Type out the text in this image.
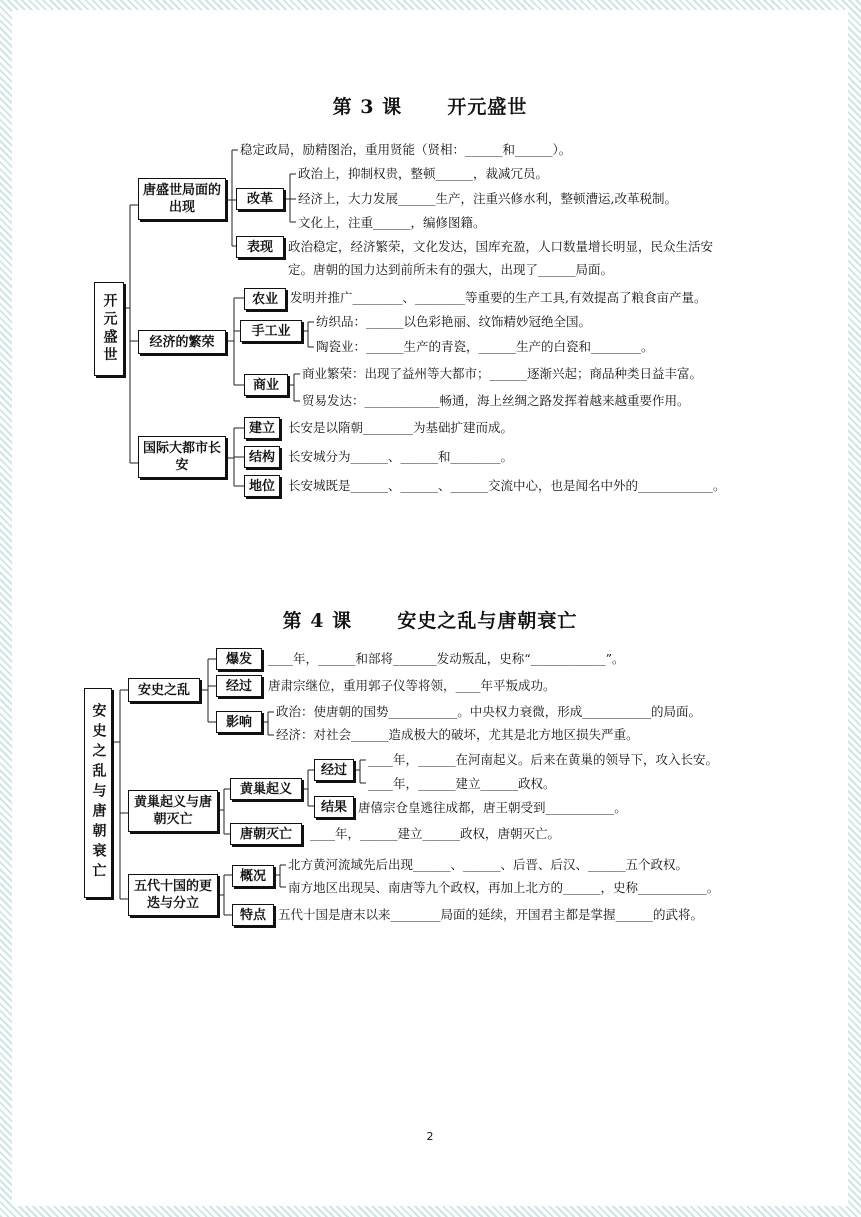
第 3 课 开元盛世
开元盛世
唐盛世局面的出现
改革
表现
经济的繁荣
农业
手工业
商业
国际大都市长安
建立
结构
地位
稳定政局，励精图治，重用贤能（贤相：______和______）。
政治上，抑制权贵，整顿______，裁减冗员。
经济上，大力发展______生产，注重兴修水利，整顿漕运,改革税制。
文化上，注重______，编修图籍。
政治稳定，经济繁荣，文化发达，国库充盈，人口数量增长明显，民众生活安
定。唐朝的国力达到前所未有的强大，出现了______局面。
发明并推广________、________等重要的生产工具,有效提高了粮食亩产量。
纺织品：______以色彩艳丽、纹饰精妙冠绝全国。
陶瓷业：______生产的青瓷，______生产的白瓷和________。
商业繁荣：出现了益州等大都市；______逐渐兴起；商品种类日益丰富。
贸易发达：____________畅通，海上丝绸之路发挥着越来越重要作用。
长安是以隋朝________为基础扩建而成。
长安城分为______、______和________。
长安城既是______、______、______交流中心，也是闻名中外的____________。
第 4 课 安史之乱与唐朝衰亡
安史之乱与唐朝衰亡
安史之乱
爆发
经过
影响
黄巢起义与唐朝灭亡
黄巢起义
经过
结果
唐朝灭亡
五代十国的更迭与分立
概况
特点
____年，______和部将_______发动叛乱，史称“____________”。
唐肃宗继位，重用郭子仪等将领，____年平叛成功。
政治：使唐朝的国势___________。中央权力衰微，形成___________的局面。
经济：对社会______造成极大的破坏，尤其是北方地区损失严重。
____年，______在河南起义。后来在黄巢的领导下，攻入长安。
____年，______建立______政权。
唐僖宗仓皇逃往成都，唐王朝受到___________。
____年，______建立______政权，唐朝灭亡。
北方黄河流域先后出现______、______、后晋、后汉、______五个政权。
南方地区出现吴、南唐等九个政权，再加上北方的______，史称___________。
五代十国是唐末以来________局面的延续，开国君主都是掌握______的武将。
2
